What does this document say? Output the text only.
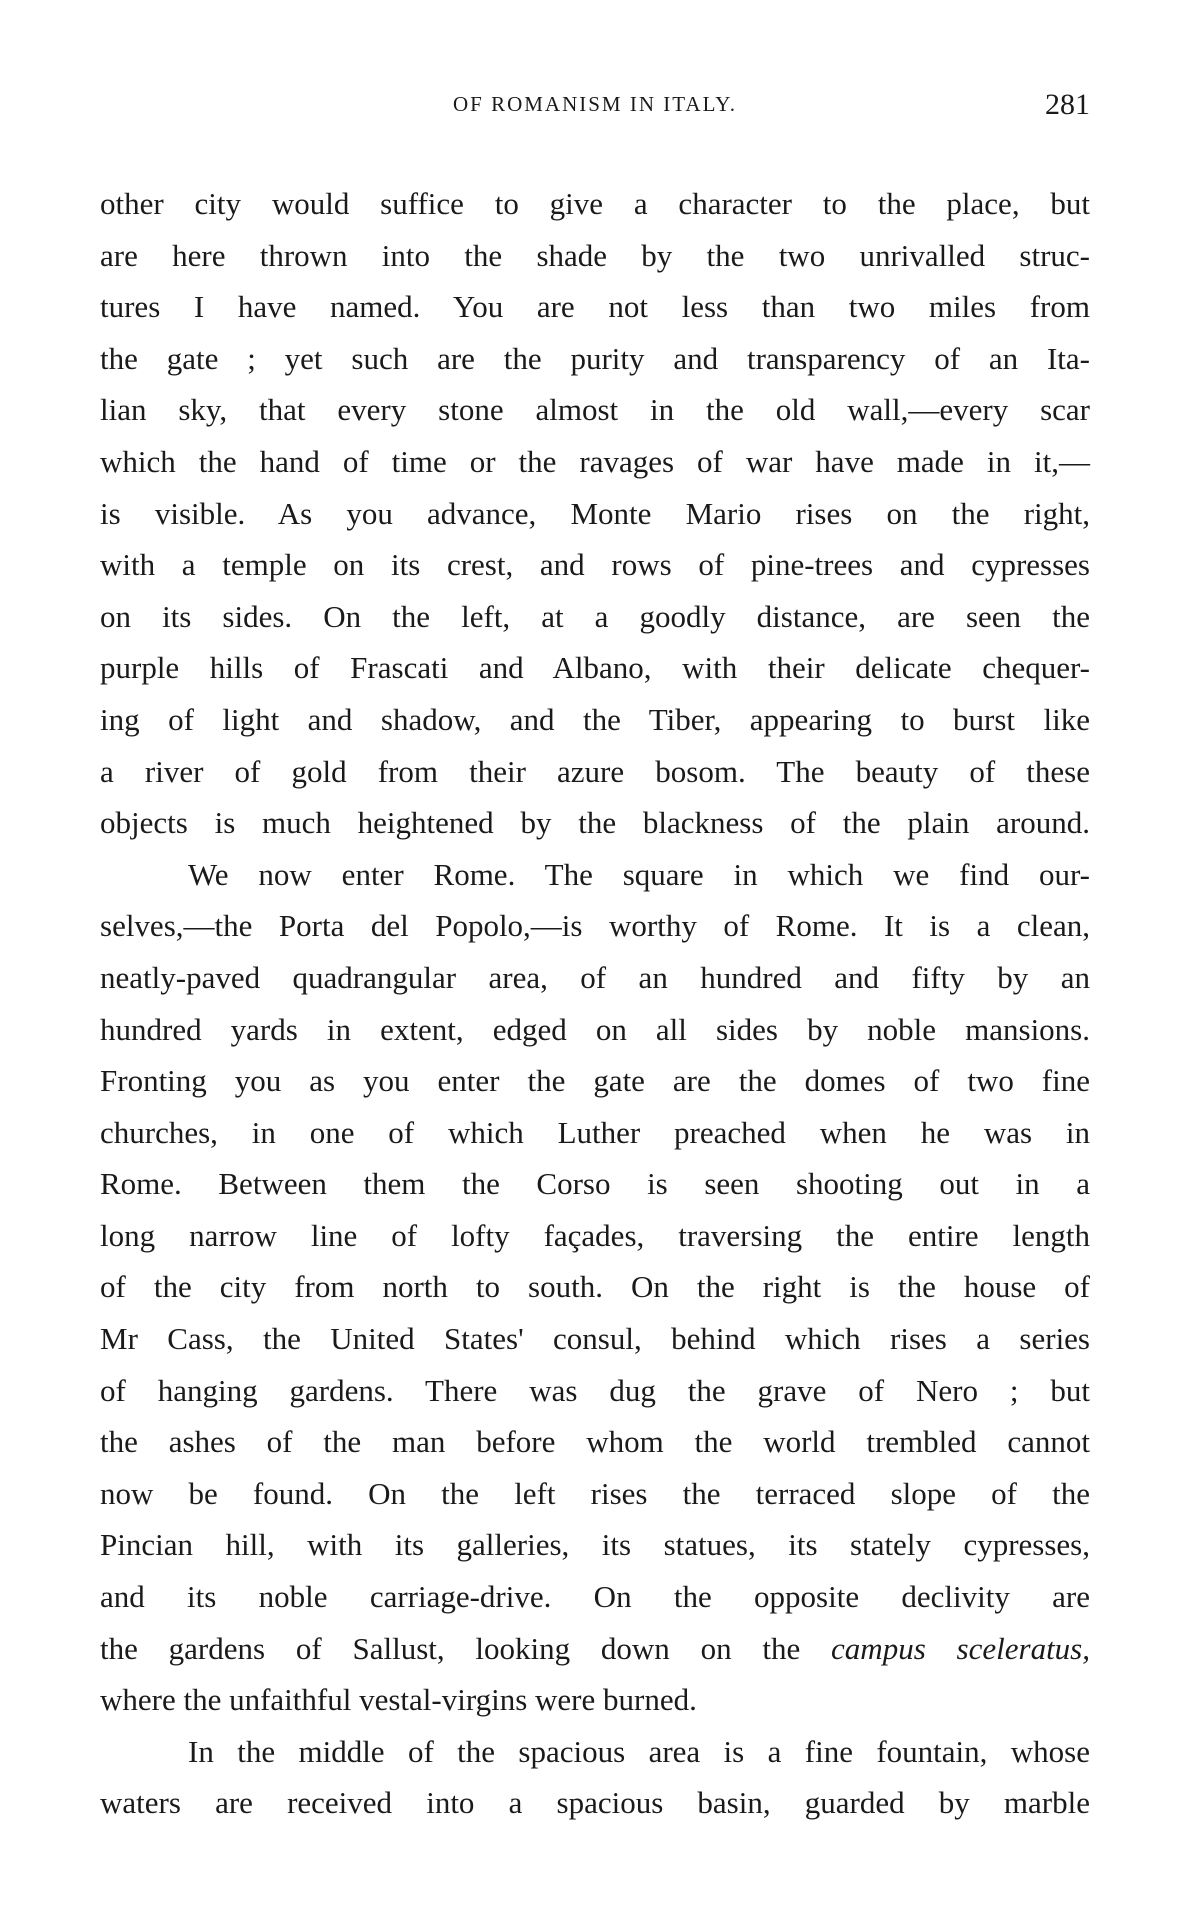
OF ROMANISM IN ITALY.	281
other city would suffice to give a character to the place, but
are here thrown into the shade by the two unrivalled struc-
tures I have named. You are not less than two miles from
the gate ; yet such are the purity and transparency of an Ita-
lian sky, that every stone almost in the old wall,—every scar
which the hand of time or the ravages of war have made in it,—
is visible. As you advance, Monte Mario rises on the right,
with a temple on its crest, and rows of pine-trees and cypresses
on its sides. On the left, at a goodly distance, are seen the
purple hills of Frascati and Albano, with their delicate chequer-
ing of light and shadow, and the Tiber, appearing to burst like
a river of gold from their azure bosom. The beauty of these
objects is much heightened by the blackness of the plain around.
We now enter Rome. The square in which we find our-
selves,—the Porta del Popolo,—is worthy of Rome. It is a clean,
neatly-paved quadrangular area, of an hundred and fifty by an
hundred yards in extent, edged on all sides by noble mansions.
Fronting you as you enter the gate are the domes of two fine
churches, in one of which Luther preached when he was in
Rome. Between them the Corso is seen shooting out in a
long narrow line of lofty façades, traversing the entire length
of the city from north to south. On the right is the house of
Mr Cass, the United States' consul, behind which rises a series
of hanging gardens. There was dug the grave of Nero ; but
the ashes of the man before whom the world trembled cannot
now be found. On the left rises the terraced slope of the
Pincian hill, with its galleries, its statues, its stately cypresses,
and its noble carriage-drive. On the opposite declivity are
the gardens of Sallust, looking down on the campus sceleratus,
where the unfaithful vestal-virgins were burned.
In the middle of the spacious area is a fine fountain, whose
waters are received into a spacious basin, guarded by marble
